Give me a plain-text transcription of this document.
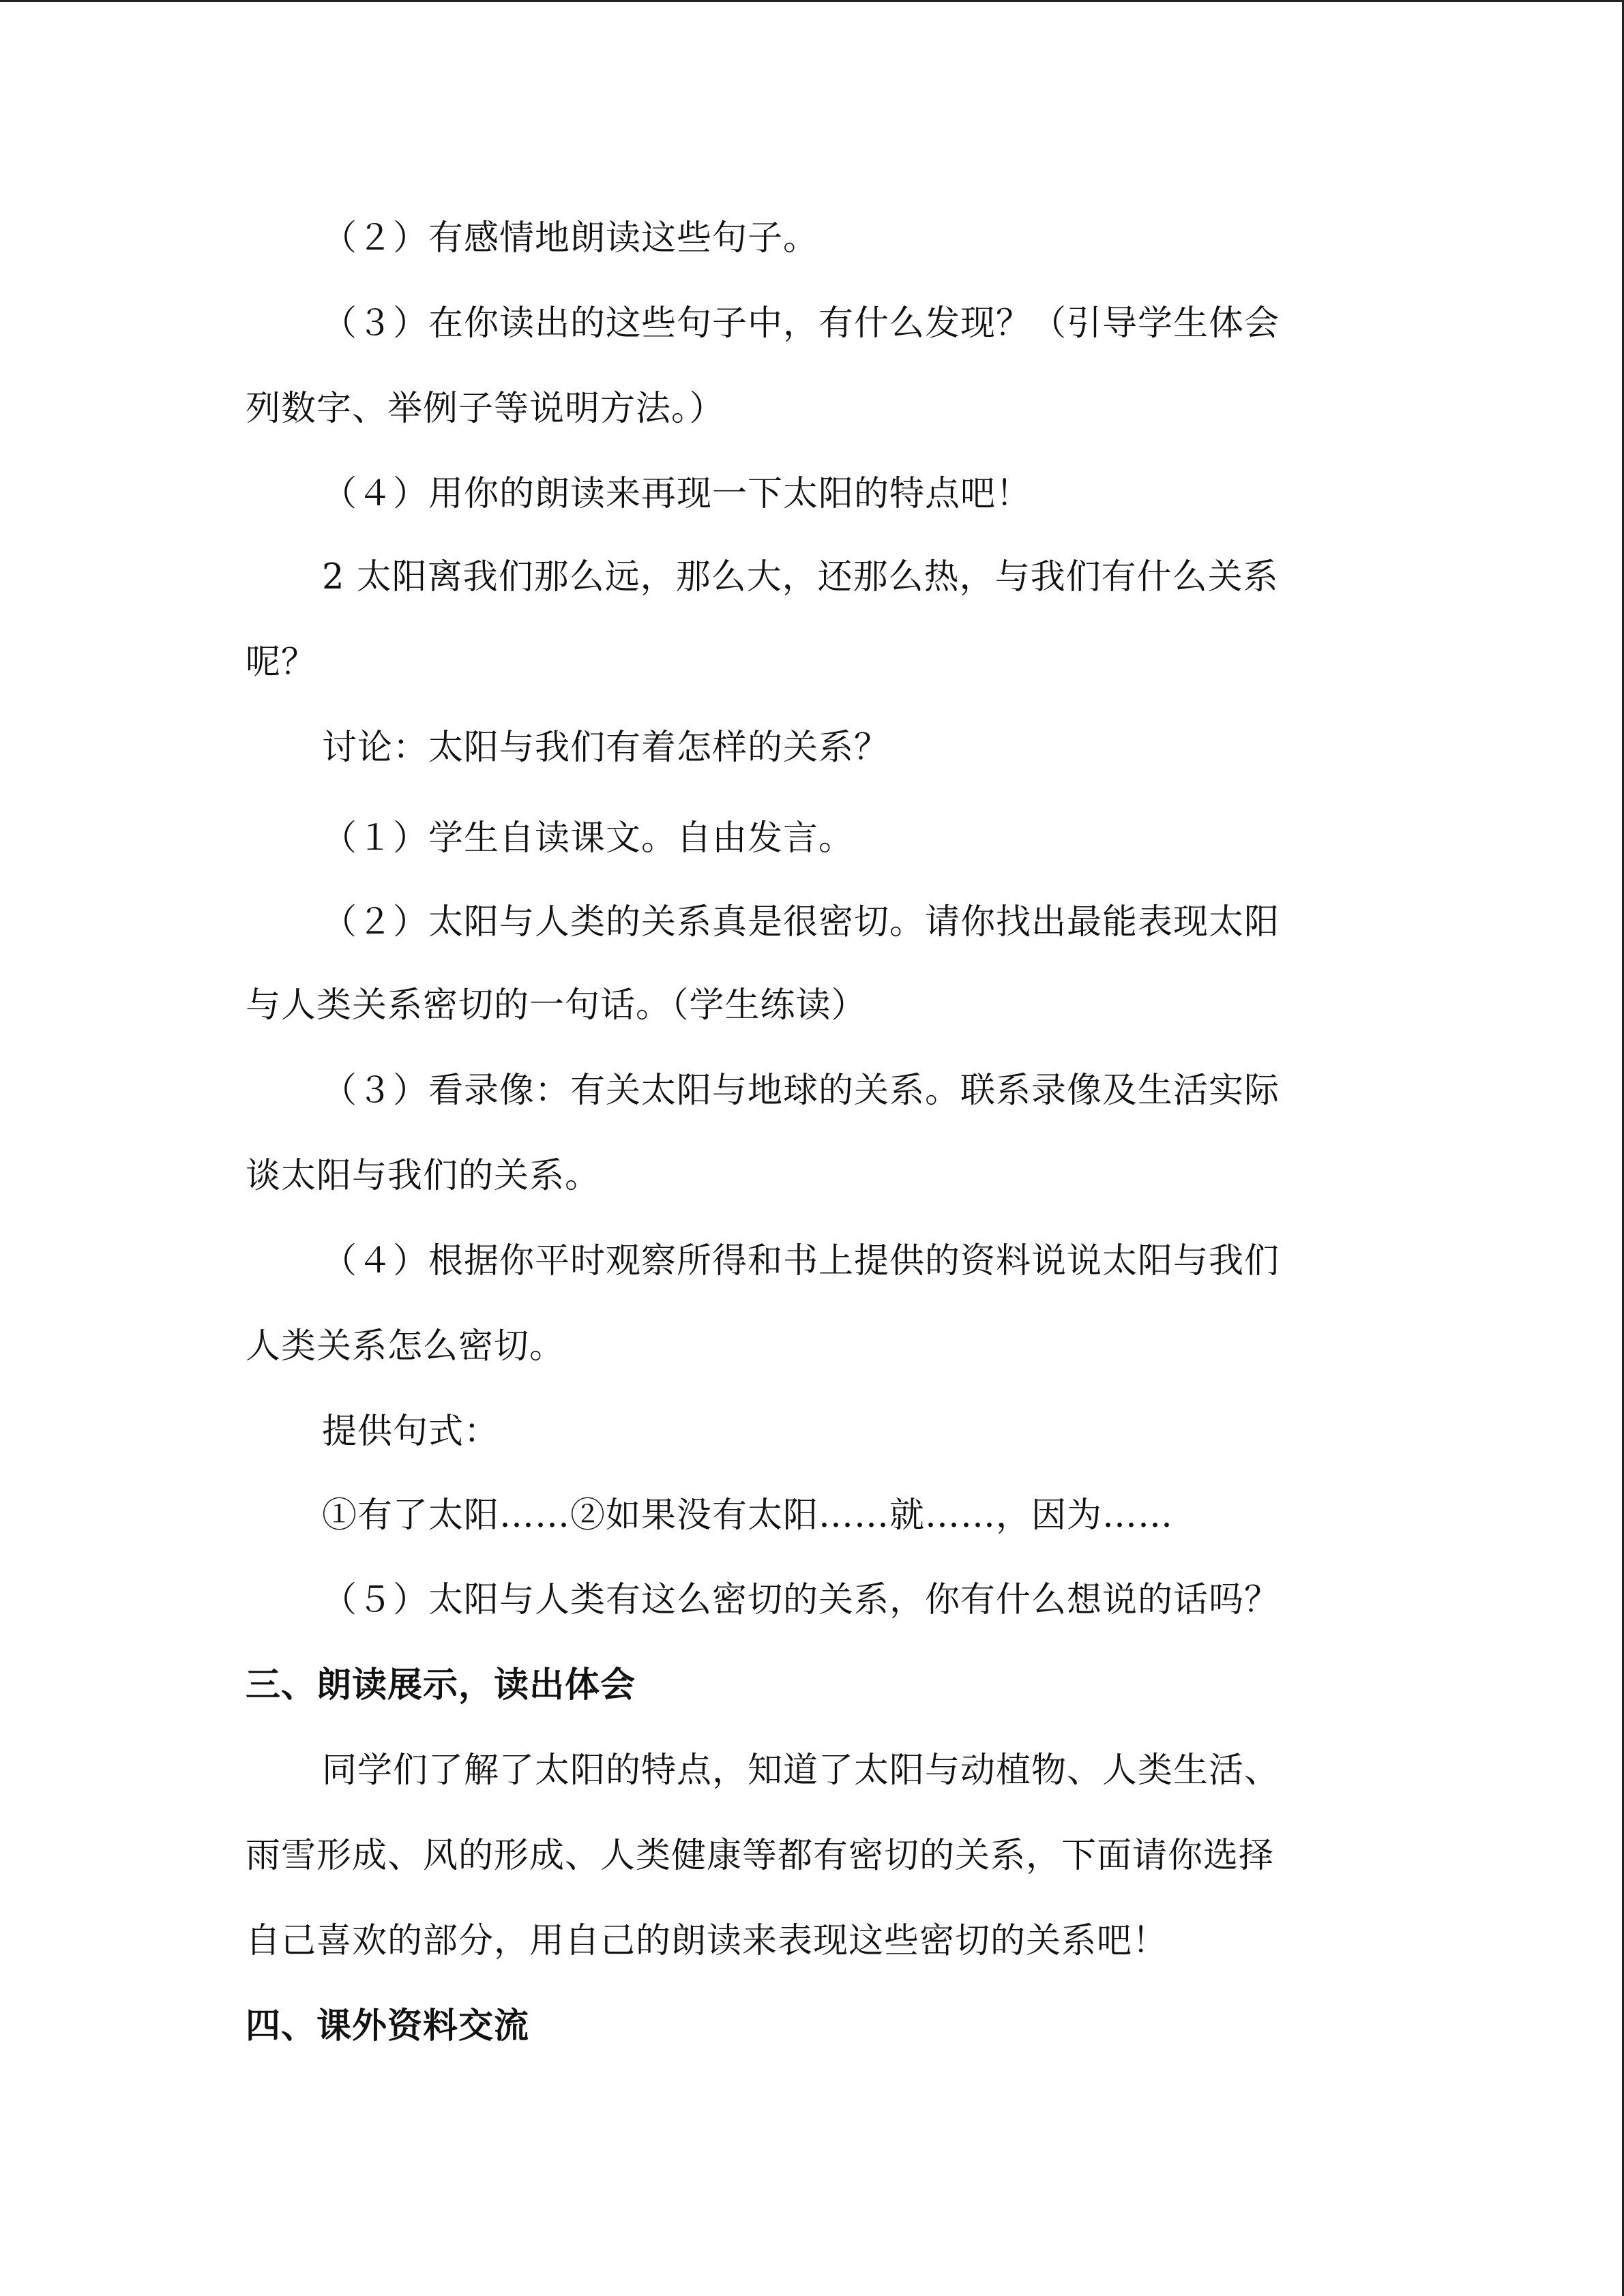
（２）有感情地朗读这些句子。
（３）在你读出的这些句子中，有什么发现？（引导学生体会
列数字、举例子等说明方法。）
（４）用你的朗读来再现一下太阳的特点吧！
2 太阳离我们那么远，那么大，还那么热，与我们有什么关系
呢？
讨论：太阳与我们有着怎样的关系？
（１）学生自读课文。自由发言。
（２）太阳与人类的关系真是很密切。请你找出最能表现太阳
与人类关系密切的一句话。（学生练读）
（３）看录像：有关太阳与地球的关系。联系录像及生活实际
谈太阳与我们的关系。
（４）根据你平时观察所得和书上提供的资料说说太阳与我们
人类关系怎么密切。
提供句式：
①有了太阳……②如果没有太阳……就……，因为……
（５）太阳与人类有这么密切的关系，你有什么想说的话吗？
三、朗读展示，读出体会
同学们了解了太阳的特点，知道了太阳与动植物、人类生活、
雨雪形成、风的形成、人类健康等都有密切的关系，下面请你选择
自己喜欢的部分，用自己的朗读来表现这些密切的关系吧！
四、课外资料交流
